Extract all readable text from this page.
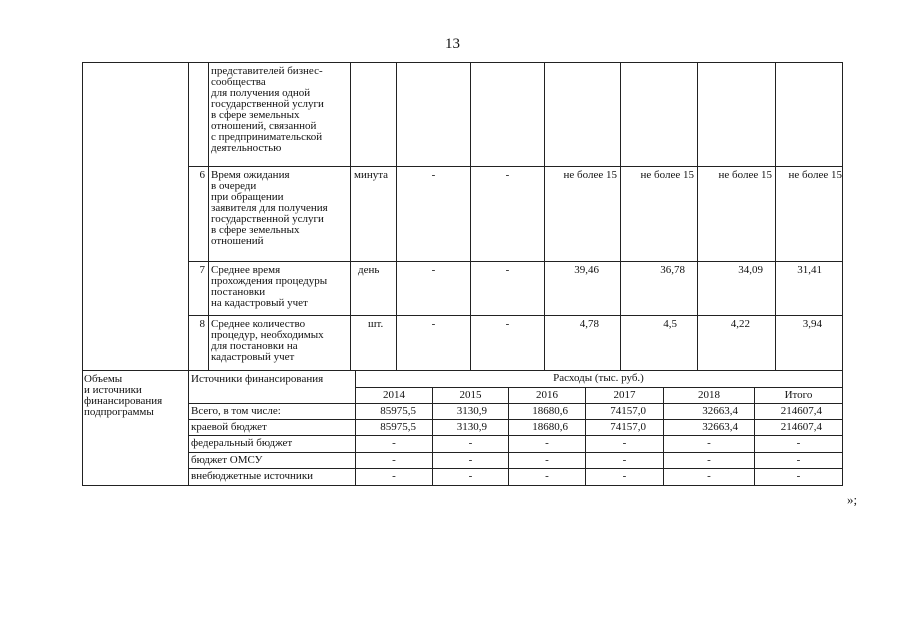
13
представителей бизнес-
сообщества
для получения одной
государственной услуги
в сфере земельных
отношений, связанной
с предпринимательской
деятельностью
6 Время ожидания
в очереди
при обращении
заявителя для получения
государственной услуги
в сфере земельных
отношений
минута	-	-	не более 15	не более 15	не более 15	не более 15
7 Среднее время
прохождения процедуры
постановки
на кадастровый учет
день	-	-	39,46	36,78	34,09	31,41
8 Среднее количество
процедур, необходимых
для постановки на
кадастровый учет
шт.	-	-	4,78	4,5	4,22	3,94
Объемы
и источники
финансирования
подпрограммы
Источники финансирования	Расходы (тыс. руб.)
2014	2015	2016	2017	2018	Итого
Всего, в том числе:	85975,5	3130,9	18680,6	74157,0	32663,4	214607,4
краевой бюджет	85975,5	3130,9	18680,6	74157,0	32663,4	214607,4
федеральный бюджет	-	-	-	-	-	-
бюджет ОМСУ	-	-	-	-	-	-
внебюджетные источники	-	-	-	-	-	-
»;
